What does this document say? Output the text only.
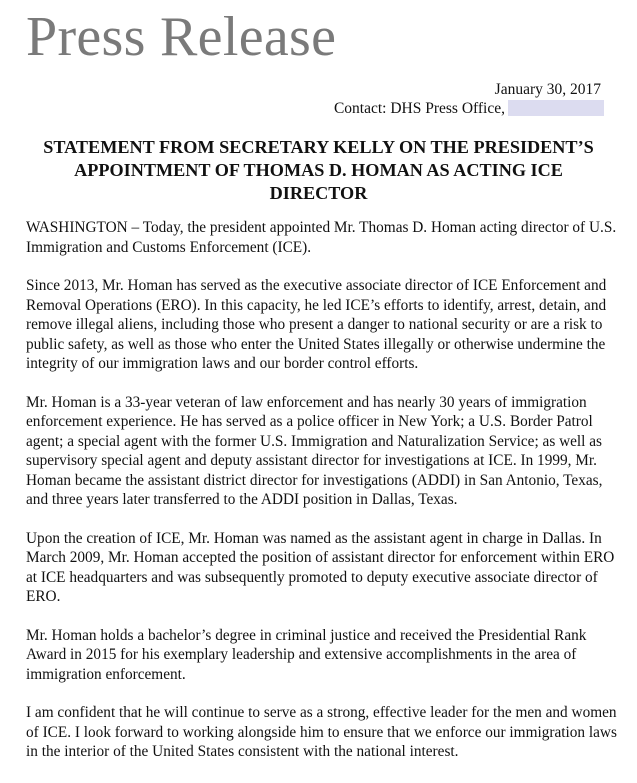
Press Release
January 30, 2017
Contact: DHS Press Office,
STATEMENT FROM SECRETARY KELLY ON THE PRESIDENT’S APPOINTMENT OF THOMAS D. HOMAN AS ACTING ICE DIRECTOR

WASHINGTON – Today, the president appointed Mr. Thomas D. Homan acting director of U.S. Immigration and Customs Enforcement (ICE).

Since 2013, Mr. Homan has served as the executive associate director of ICE Enforcement and Removal Operations (ERO). In this capacity, he led ICE’s efforts to identify, arrest, detain, and remove illegal aliens, including those who present a danger to national security or are a risk to public safety, as well as those who enter the United States illegally or otherwise undermine the integrity of our immigration laws and our border control efforts.

Mr. Homan is a 33-year veteran of law enforcement and has nearly 30 years of immigration enforcement experience. He has served as a police officer in New York; a U.S. Border Patrol agent; a special agent with the former U.S. Immigration and Naturalization Service; as well as supervisory special agent and deputy assistant director for investigations at ICE. In 1999, Mr. Homan became the assistant district director for investigations (ADDI) in San Antonio, Texas, and three years later transferred to the ADDI position in Dallas, Texas.

Upon the creation of ICE, Mr. Homan was named as the assistant agent in charge in Dallas. In March 2009, Mr. Homan accepted the position of assistant director for enforcement within ERO at ICE headquarters and was subsequently promoted to deputy executive associate director of ERO.

Mr. Homan holds a bachelor’s degree in criminal justice and received the Presidential Rank Award in 2015 for his exemplary leadership and extensive accomplishments in the area of immigration enforcement.

I am confident that he will continue to serve as a strong, effective leader for the men and women of ICE. I look forward to working alongside him to ensure that we enforce our immigration laws in the interior of the United States consistent with the national interest.
